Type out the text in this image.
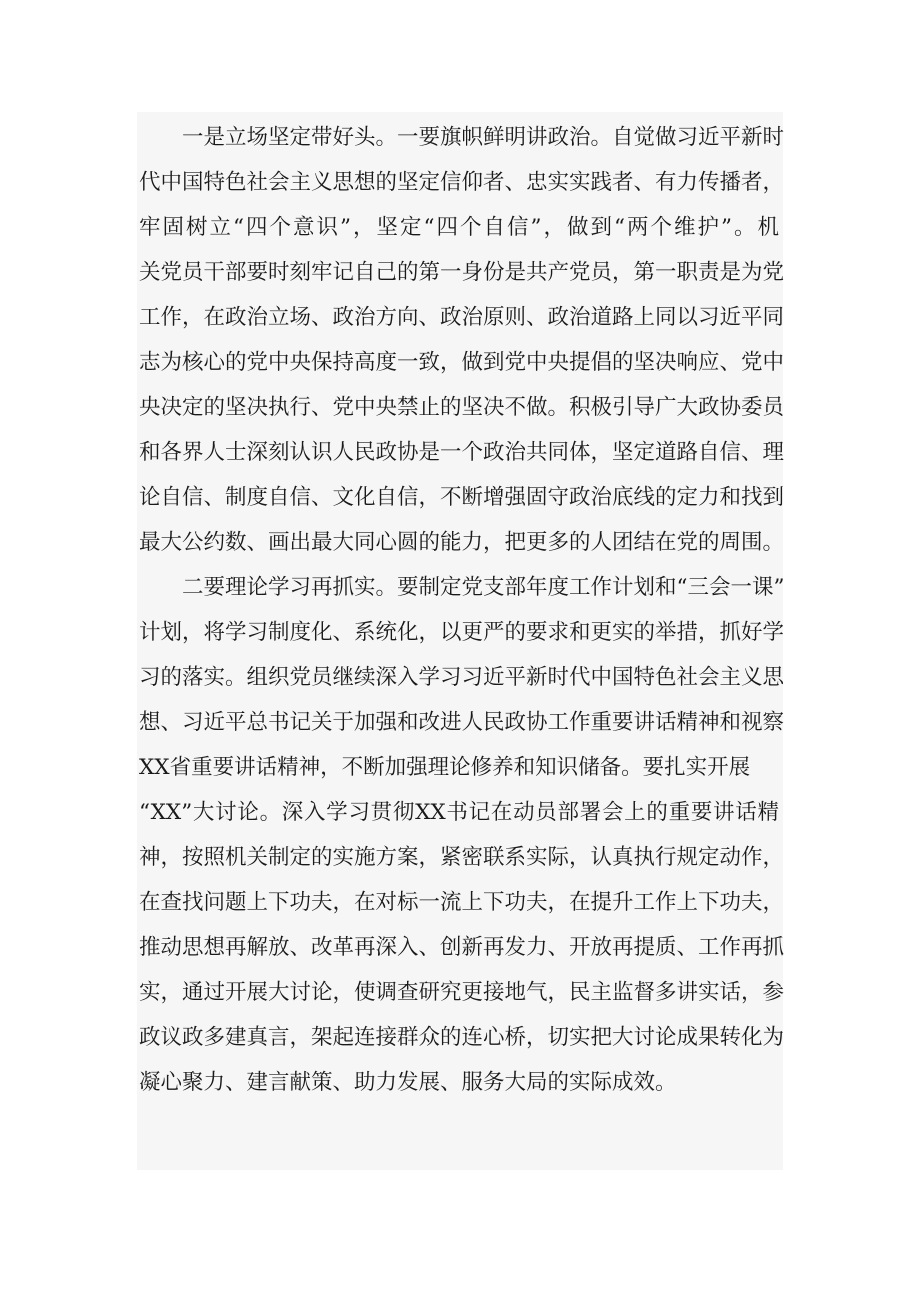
一是立场坚定带好头。一要旗帜鲜明讲政治。自觉做习近平新时
代中国特色社会主义思想的坚定信仰者、忠实实践者、有力传播者，
牢固树立“四个意识”，坚定“四个自信”，做到“两个维护”。机
关党员干部要时刻牢记自己的第一身份是共产党员，第一职责是为党
工作，在政治立场、政治方向、政治原则、政治道路上同以习近平同
志为核心的党中央保持高度一致，做到党中央提倡的坚决响应、党中
央决定的坚决执行、党中央禁止的坚决不做。积极引导广大政协委员
和各界人士深刻认识人民政协是一个政治共同体，坚定道路自信、理
论自信、制度自信、文化自信，不断增强固守政治底线的定力和找到
最大公约数、画出最大同心圆的能力，把更多的人团结在党的周围。
二要理论学习再抓实。要制定党支部年度工作计划和“三会一课”
计划，将学习制度化、系统化，以更严的要求和更实的举措，抓好学
习的落实。组织党员继续深入学习习近平新时代中国特色社会主义思
想、习近平总书记关于加强和改进人民政协工作重要讲话精神和视察
XX省重要讲话精神，不断加强理论修养和知识储备。要扎实开展
“XX”大讨论。深入学习贯彻XX书记在动员部署会上的重要讲话精
神，按照机关制定的实施方案，紧密联系实际，认真执行规定动作，
在查找问题上下功夫，在对标一流上下功夫，在提升工作上下功夫，
推动思想再解放、改革再深入、创新再发力、开放再提质、工作再抓
实，通过开展大讨论，使调查研究更接地气，民主监督多讲实话，参
政议政多建真言，架起连接群众的连心桥，切实把大讨论成果转化为
凝心聚力、建言献策、助力发展、服务大局的实际成效。
